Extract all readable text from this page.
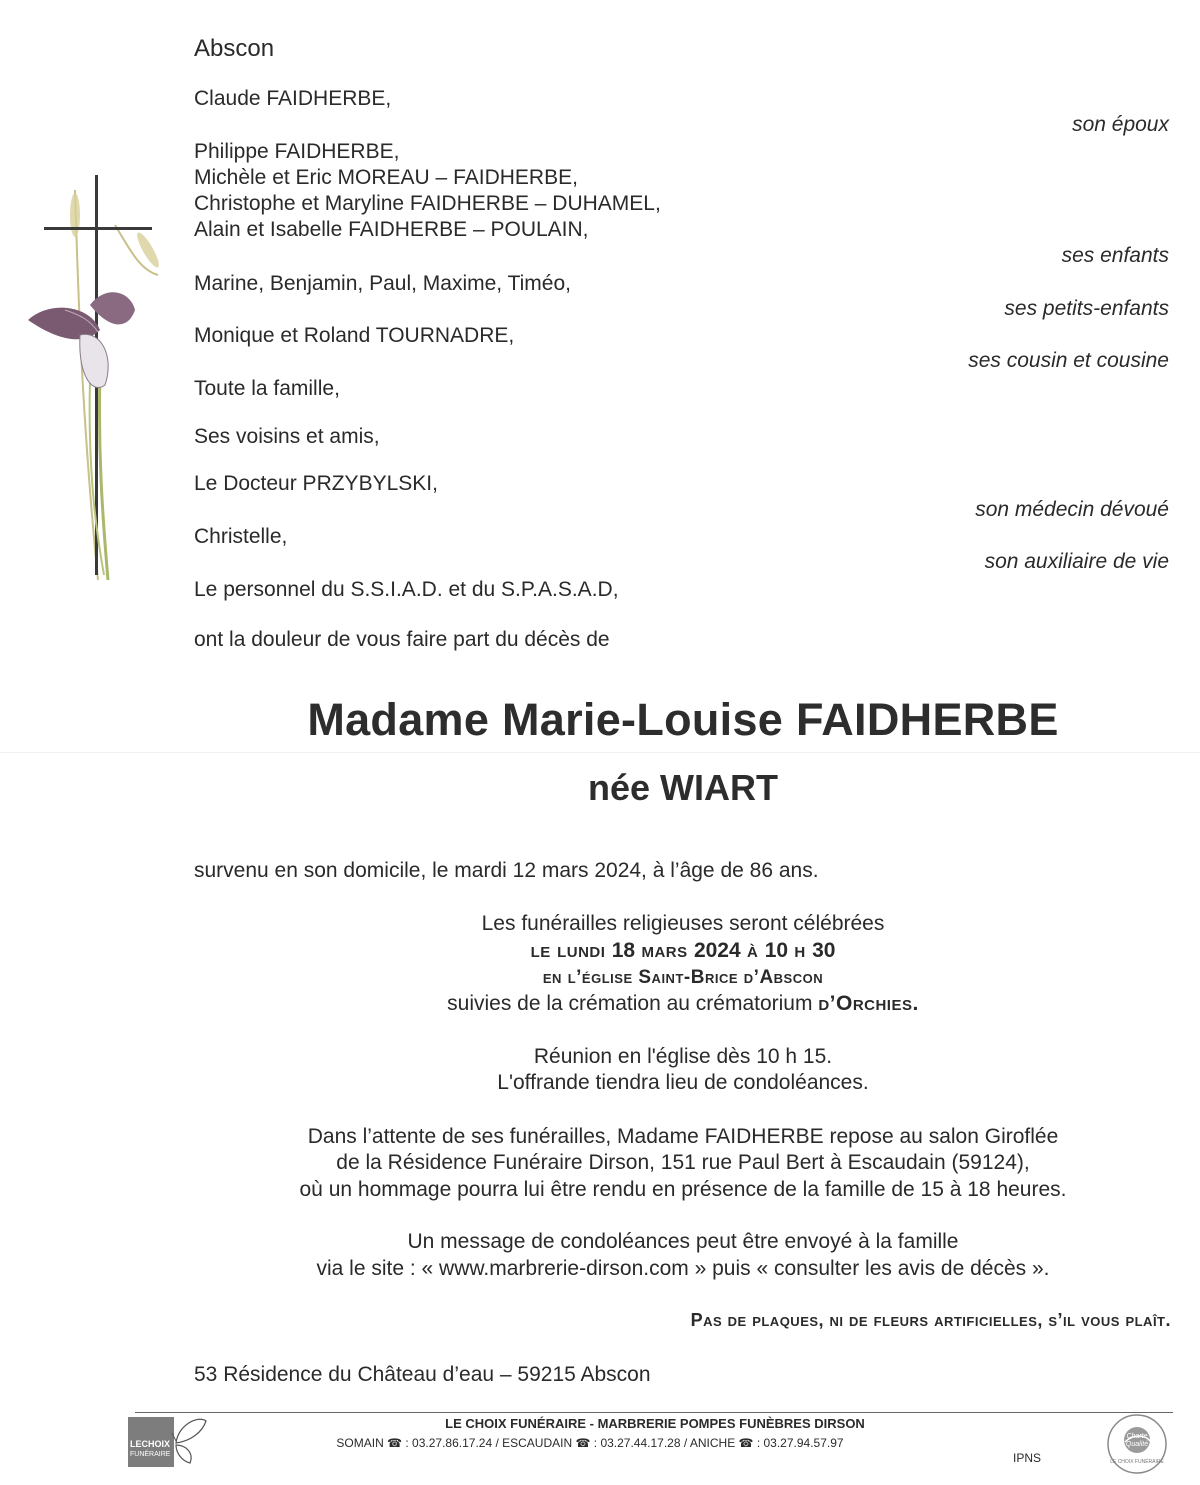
Abscon
Claude FAIDHERBE,
Philippe FAIDHERBE,
Michèle et Eric MOREAU – FAIDHERBE,
Christophe et Maryline FAIDHERBE – DUHAMEL,
Alain et Isabelle FAIDHERBE – POULAIN,
Marine, Benjamin, Paul, Maxime, Timéo,
Monique et Roland TOURNADRE,
Toute la famille,
Ses voisins et amis,
Le Docteur PRZYBYLSKI,
Christelle,
Le personnel du S.S.I.A.D. et du S.P.A.S.A.D,
ont la douleur de vous faire part du décès de
son époux
ses enfants
ses petits-enfants
ses cousin et cousine
son médecin dévoué
son auxiliaire de vie
Madame Marie-Louise FAIDHERBE
née WIART
survenu en son domicile, le mardi 12 mars 2024, à l’âge de 86 ans.
Les funérailles religieuses seront célébrées
le lundi 18 mars 2024 à 10 h 30
en l’église Saint-Brice d’Abscon
suivies de la crémation au crématorium d’Orchies.
Réunion en l'église dès 10 h 15.
L'offrande tiendra lieu de condoléances.
Dans l’attente de ses funérailles, Madame FAIDHERBE repose au salon Giroflée
de la Résidence Funéraire Dirson, 151 rue Paul Bert à Escaudain (59124),
où un hommage pourra lui être rendu en présence de la famille de 15 à 18 heures.
Un message de condoléances peut être envoyé à la famille
via le site : « www.marbrerie-dirson.com » puis « consulter les avis de décès ».
Pas de plaques, ni de fleurs artificielles, s’il vous plaît.
53 Résidence du Château d’eau – 59215 Abscon
LECHOIX
FUNÉRAIRE
LE CHOIX FUNÉRAIRE - MARBRERIE POMPES FUNÈBRES DIRSON
SOMAIN ☎ : 03.27.86.17.24 / ESCAUDAIN ☎ : 03.27.44.17.28 / ANICHE ☎ : 03.27.94.57.97
IPNS
Charte Qualité
LE CHOIX FUNÉRAIRE
